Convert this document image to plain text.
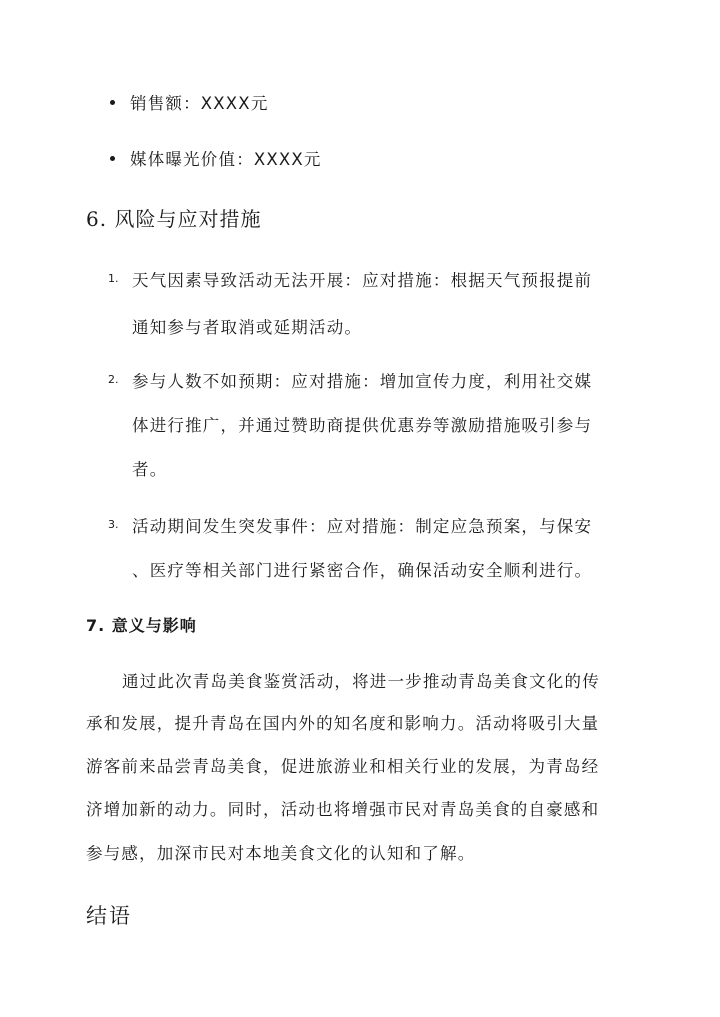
销售额：XXXX元
媒体曝光价值：XXXX元
6. 风险与应对措施
1. 天气因素导致活动无法开展：应对措施：根据天气预报提前
通知参与者取消或延期活动。
2. 参与人数不如预期：应对措施：增加宣传力度，利用社交媒
体进行推广，并通过赞助商提供优惠券等激励措施吸引参与
者。
3. 活动期间发生突发事件：应对措施：制定应急预案，与保安
、医疗等相关部门进行紧密合作，确保活动安全顺利进行。
7. 意义与影响
通过此次青岛美食鉴赏活动，将进一步推动青岛美食文化的传
承和发展，提升青岛在国内外的知名度和影响力。活动将吸引大量
游客前来品尝青岛美食，促进旅游业和相关行业的发展，为青岛经
济增加新的动力。同时，活动也将增强市民对青岛美食的自豪感和
参与感，加深市民对本地美食文化的认知和了解。
结语
